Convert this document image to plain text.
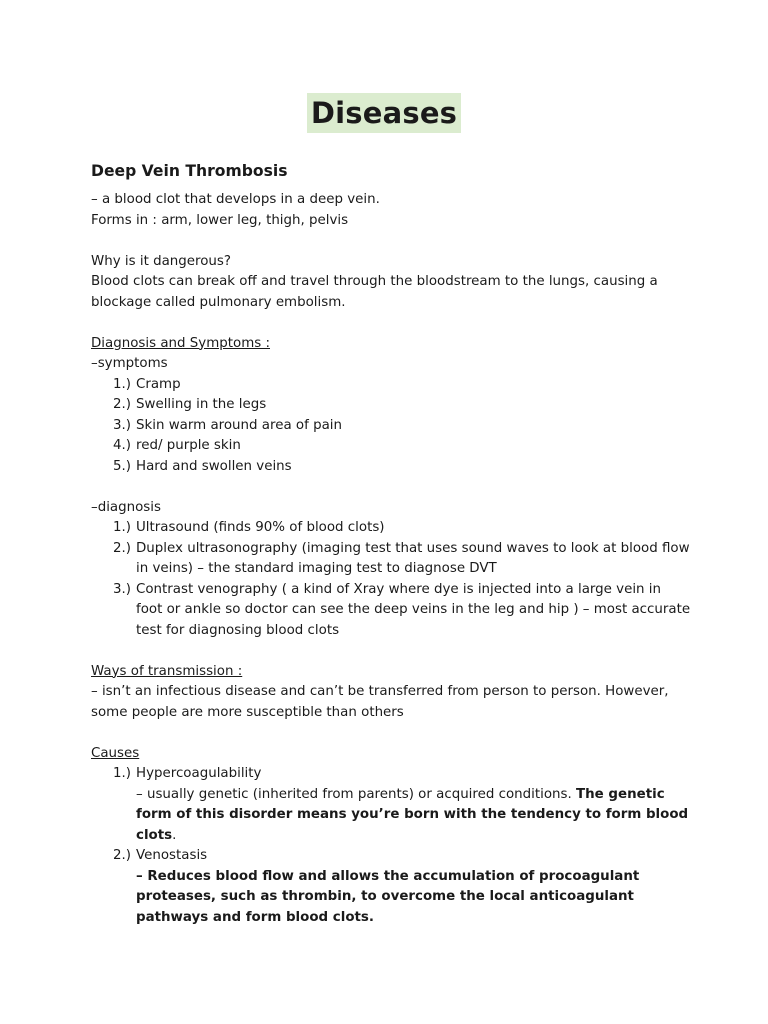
Diseases
Deep Vein Thrombosis

– a blood clot that develops in a deep vein.

Forms in : arm, lower leg, thigh, pelvis

Why is it dangerous?

Blood clots can break off and travel through the bloodstream to the lungs, causing a blockage called pulmonary embolism.

Diagnosis and Symptoms :

–symptoms

1.) Cramp
2.) Swelling in the legs
3.) Skin warm around area of pain
4.) red/ purple skin
5.) Hard and swollen veins

–diagnosis

1.) Ultrasound (finds 90% of blood clots)
2.) Duplex ultrasonography (imaging test that uses sound waves to look at blood flow in veins) – the standard imaging test to diagnose DVT
3.) Contrast venography ( a kind of Xray where dye is injected into a large vein in foot or ankle so doctor can see the deep veins in the leg and hip ) – most accurate test for diagnosing blood clots

Ways of transmission :

– isn’t an infectious disease and can’t be transferred from person to person. However, some people are more susceptible than others

Causes

1.) Hypercoagulability
– usually genetic (inherited from parents) or acquired conditions. The genetic form of this disorder means you’re born with the tendency to form blood clots.
2.) Venostasis
– Reduces blood flow and allows the accumulation of procoagulant proteases, such as thrombin, to overcome the local anticoagulant pathways and form blood clots.
